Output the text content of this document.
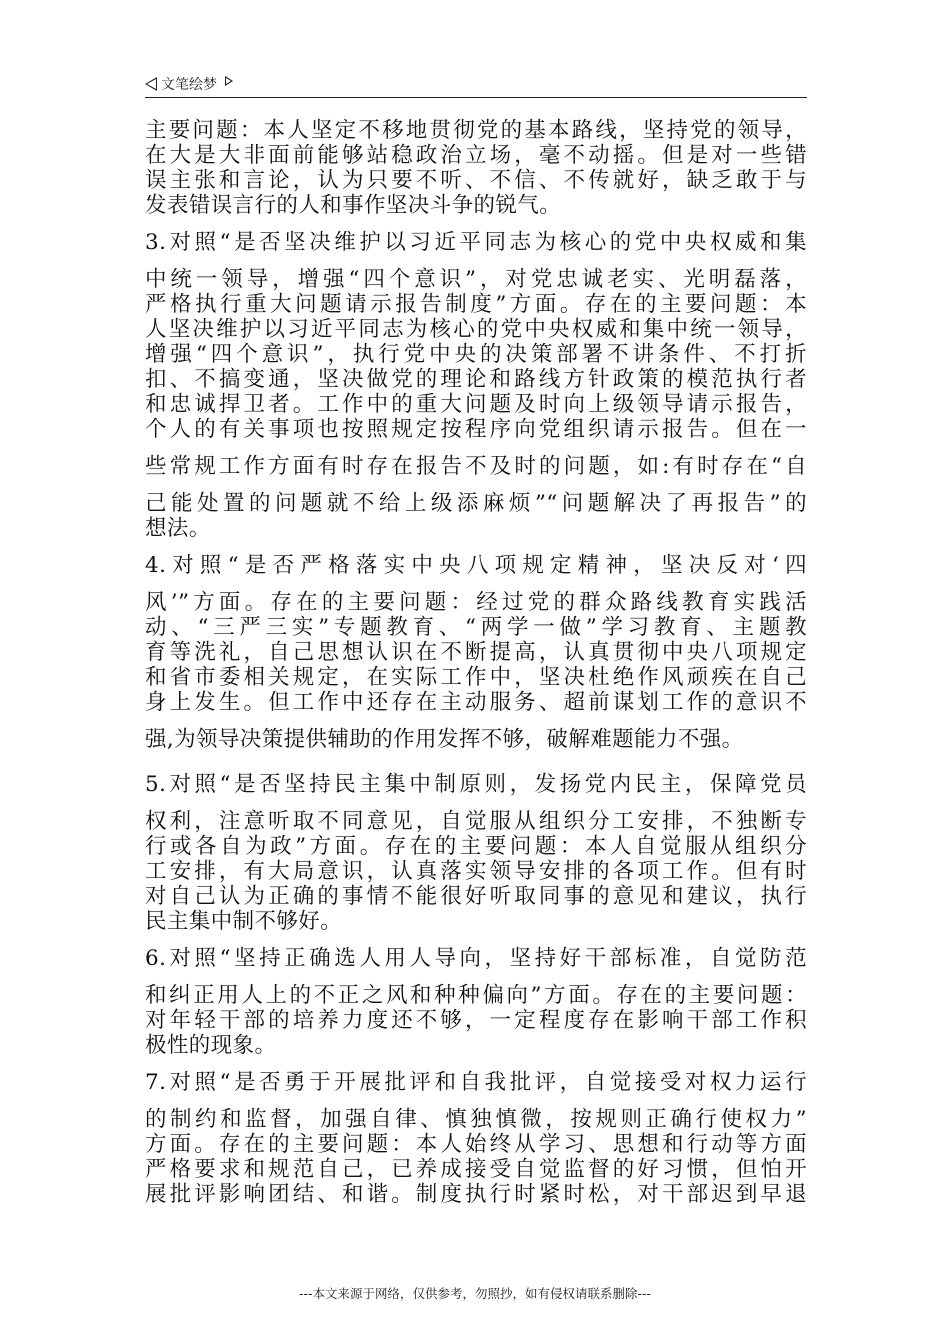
文笔绘梦
主要问题：本人坚定不移地贯彻党的基本路线，坚持党的领导，
在大是大非面前能够站稳政治立场，毫不动摇。但是对一些错
误主张和言论，认为只要不听、不信、不传就好，缺乏敢于与
发表错误言行的人和事作坚决斗争的锐气。
3.对照“是否坚决维护以习近平同志为核心的党中央权威和集
中统一领导，增强“四个意识”，对党忠诚老实、光明磊落，
严格执行重大问题请示报告制度”方面。存在的主要问题：本
人坚决维护以习近平同志为核心的党中央权威和集中统一领导，
增强“四个意识”，执行党中央的决策部署不讲条件、不打折
扣、不搞变通，坚决做党的理论和路线方针政策的模范执行者
和忠诚捍卫者。工作中的重大问题及时向上级领导请示报告，
个人的有关事项也按照规定按程序向党组织请示报告。但在一
些常规工作方面有时存在报告不及时的问题，如:有时存在“自
己能处置的问题就不给上级添麻烦”“问题解决了再报告”的
想法。
4.对照“是否严格落实中央八项规定精神，坚决反对‘四
风’”方面。存在的主要问题：经过党的群众路线教育实践活
动、“三严三实”专题教育、“两学一做”学习教育、主题教
育等洗礼，自己思想认识在不断提高，认真贯彻中央八项规定
和省市委相关规定，在实际工作中，坚决杜绝作风顽疾在自己
身上发生。但工作中还存在主动服务、超前谋划工作的意识不
强,为领导决策提供辅助的作用发挥不够，破解难题能力不强。
5.对照“是否坚持民主集中制原则，发扬党内民主，保障党员
权利，注意听取不同意见，自觉服从组织分工安排，不独断专
行或各自为政”方面。存在的主要问题：本人自觉服从组织分
工安排，有大局意识，认真落实领导安排的各项工作。但有时
对自己认为正确的事情不能很好听取同事的意见和建议，执行
民主集中制不够好。
6.对照“坚持正确选人用人导向，坚持好干部标准，自觉防范
和纠正用人上的不正之风和种种偏向”方面。存在的主要问题：
对年轻干部的培养力度还不够，一定程度存在影响干部工作积
极性的现象。
7.对照“是否勇于开展批评和自我批评，自觉接受对权力运行
的制约和监督，加强自律、慎独慎微，按规则正确行使权力”
方面。存在的主要问题：本人始终从学习、思想和行动等方面
严格要求和规范自己，已养成接受自觉监督的好习惯，但怕开
展批评影响团结、和谐。制度执行时紧时松，对干部迟到早退
---本文来源于网络，仅供参考，勿照抄，如有侵权请联系删除---
